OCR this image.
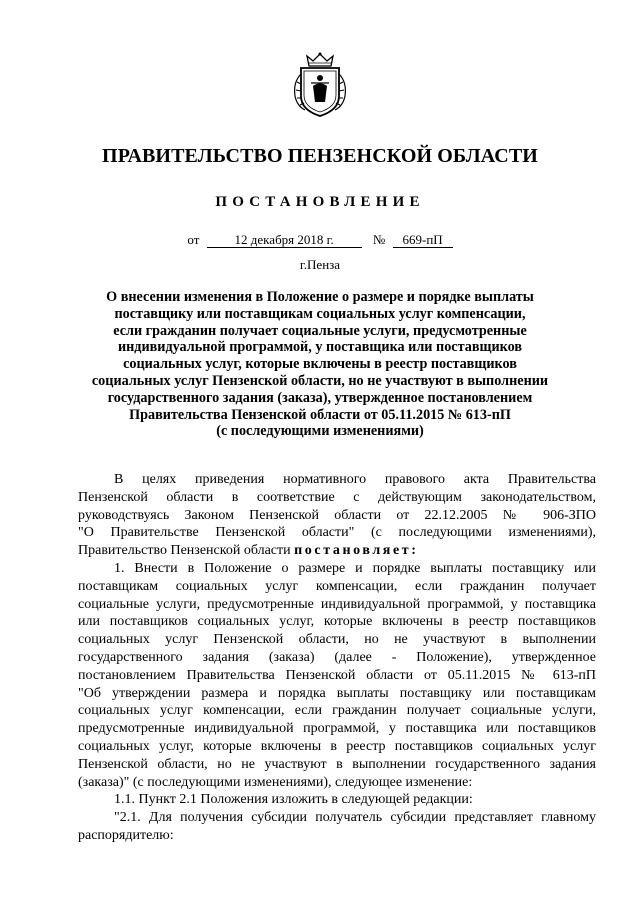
ПРАВИТЕЛЬСТВО ПЕНЗЕНСКОЙ ОБЛАСТИ
ПОСТАНОВЛЕНИЕ
от	12 декабря 2018 г.	№ 669-пП
г.Пенза
О внесении изменения в Положение о размере и порядке выплаты
поставщику или поставщикам социальных услуг компенсации,
если гражданин получает социальные услуги, предусмотренные
индивидуальной программой, у поставщика или поставщиков
социальных услуг, которые включены в реестр поставщиков
социальных услуг Пензенской области, но не участвуют в выполнении
государственного задания (заказа), утвержденное постановлением
Правительства Пензенской области от 05.11.2015 № 613-пП
(с последующими изменениями)
В целях приведения нормативного правового акта Правительства
Пензенской области в соответствие с действующим законодательством,
руководствуясь Законом Пензенской области от 22.12.2005 № 906-ЗПО
"О Правительстве Пензенской области" (с последующими изменениями),
Правительство Пензенской области постановляет:
1. Внести в Положение о размере и порядке выплаты поставщику или
поставщикам социальных услуг компенсации, если гражданин получает
социальные услуги, предусмотренные индивидуальной программой, у поставщика
или поставщиков социальных услуг, которые включены в реестр поставщиков
социальных услуг Пензенской области, но не участвуют в выполнении
государственного задания (заказа) (далее - Положение), утвержденное
постановлением Правительства Пензенской области от 05.11.2015 № 613-пП
"Об утверждении размера и порядка выплаты поставщику или поставщикам
социальных услуг компенсации, если гражданин получает социальные услуги,
предусмотренные индивидуальной программой, у поставщика или поставщиков
социальных услуг, которые включены в реестр поставщиков социальных услуг
Пензенской области, но не участвуют в выполнении государственного задания
(заказа)" (с последующими изменениями), следующее изменение:
1.1. Пункт 2.1 Положения изложить в следующей редакции:
"2.1. Для получения субсидии получатель субсидии представляет главному
распорядителю:
